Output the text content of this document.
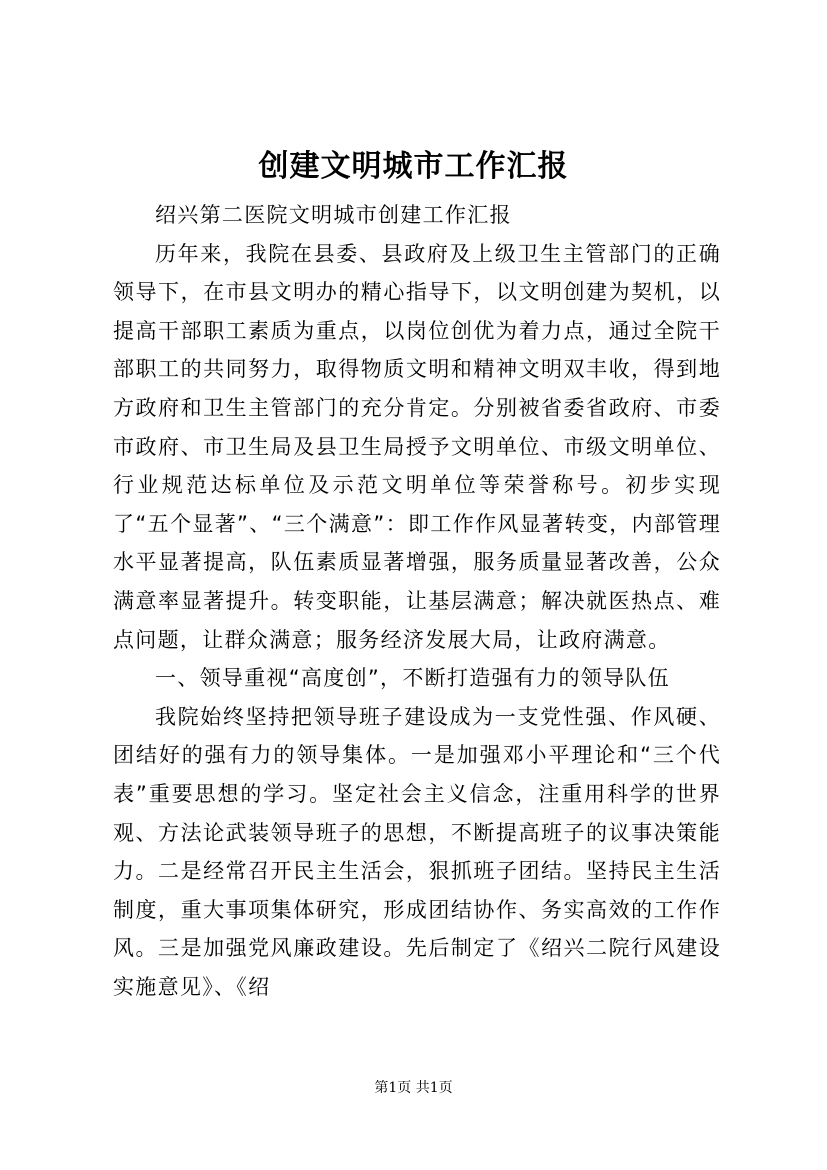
创建文明城市工作汇报

绍兴第二医院文明城市创建工作汇报

历年来，我院在县委、县政府及上级卫生主管部门的正确领导下，在市县文明办的精心指导下，以文明创建为契机，以提高干部职工素质为重点，以岗位创优为着力点，通过全院干部职工的共同努力，取得物质文明和精神文明双丰收，得到地方政府和卫生主管部门的充分肯定。分别被省委省政府、市委市政府、市卫生局及县卫生局授予文明单位、市级文明单位、行业规范达标单位及示范文明单位等荣誉称号。初步实现了“五个显著”、“三个满意”：即工作作风显著转变，内部管理水平显著提高，队伍素质显著增强，服务质量显著改善，公众满意率显著提升。转变职能，让基层满意；解决就医热点、难点问题，让群众满意；服务经济发展大局，让政府满意。

一、领导重视“高度创”，不断打造强有力的领导队伍

我院始终坚持把领导班子建设成为一支党性强、作风硬、团结好的强有力的领导集体。一是加强邓小平理论和“三个代表”重要思想的学习。坚定社会主义信念，注重用科学的世界观、方法论武装领导班子的思想，不断提高班子的议事决策能力。二是经常召开民主生活会，狠抓班子团结。坚持民主生活制度，重大事项集体研究，形成团结协作、务实高效的工作作风。三是加强党风廉政建设。先后制定了《绍兴二院行风建设实施意见》、《绍

第1页 共1页
